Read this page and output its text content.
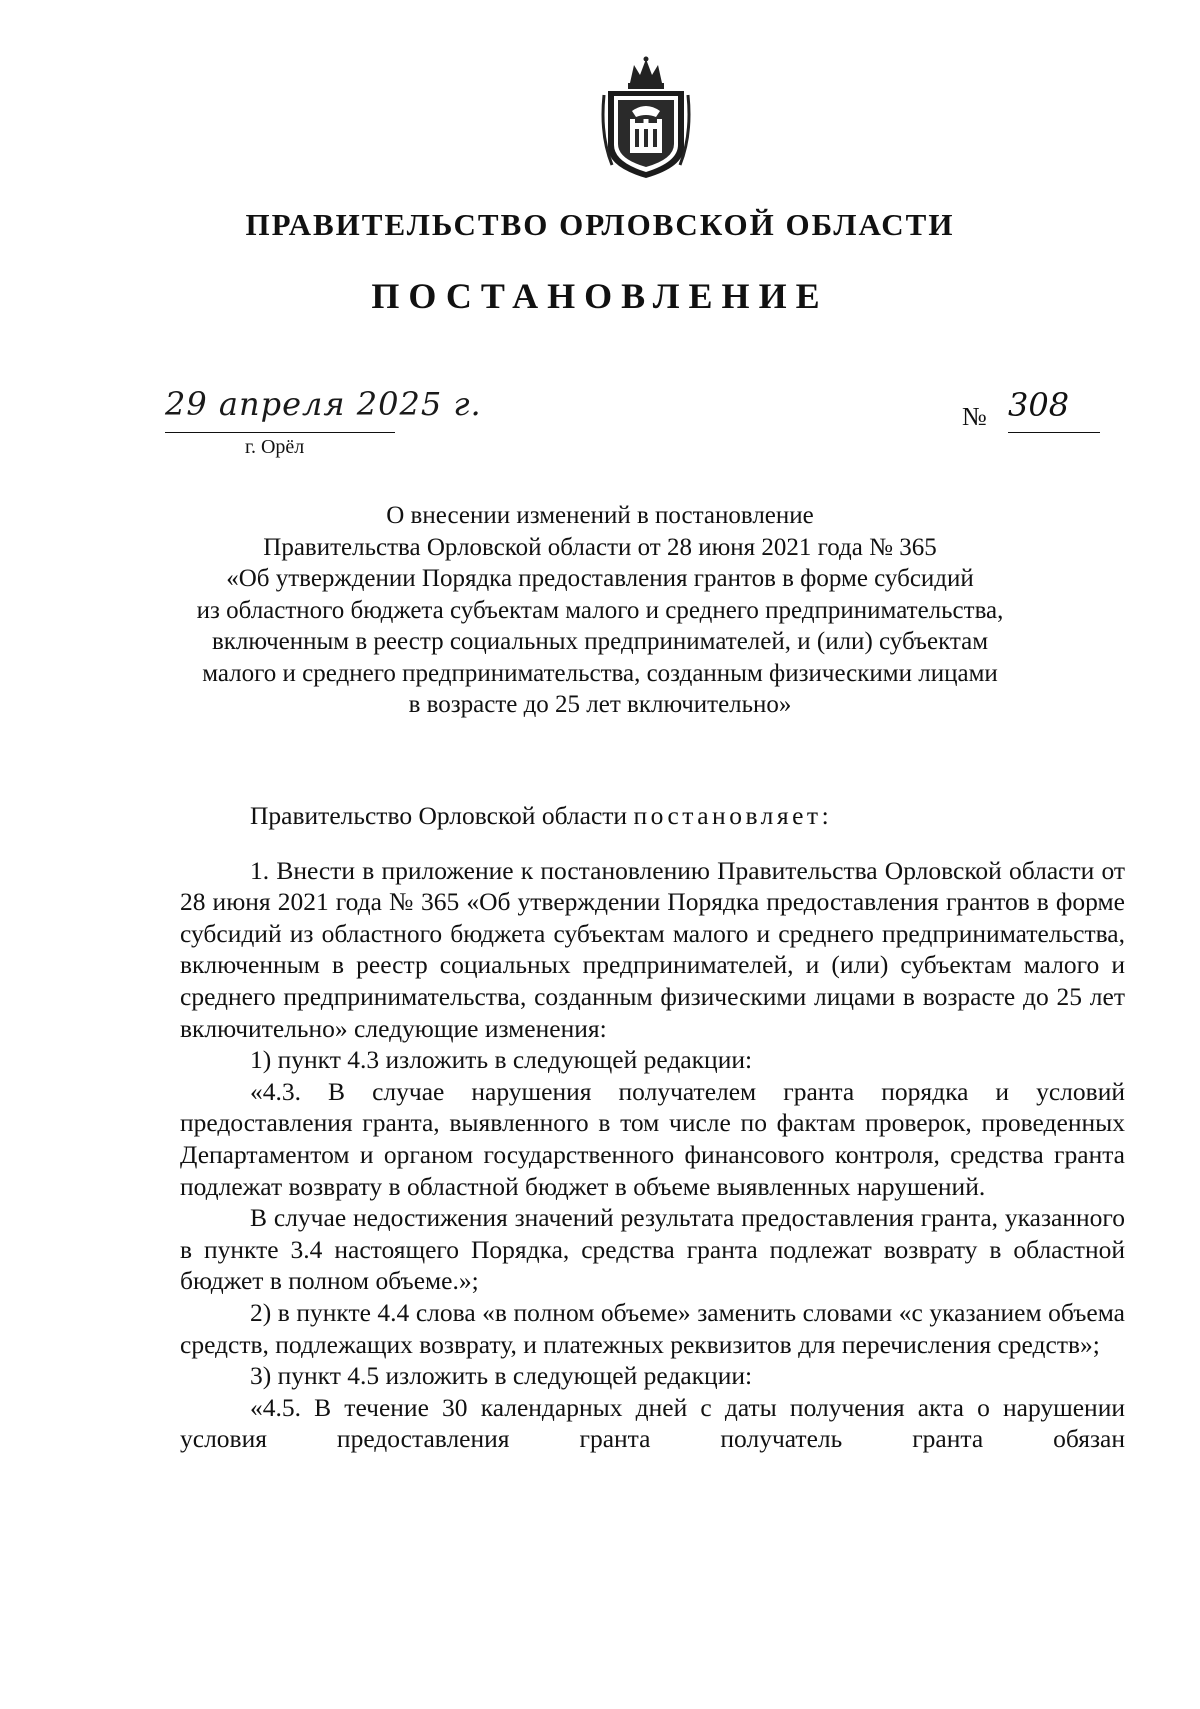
ПРАВИТЕЛЬСТВО ОРЛОВСКОЙ ОБЛАСТИ
ПОСТАНОВЛЕНИЕ
29 апреля 2025 г.
г. Орёл
№ 308
О внесении изменений в постановление
Правительства Орловской области от 28 июня 2021 года № 365
«Об утверждении Порядка предоставления грантов в форме субсидий
из областного бюджета субъектам малого и среднего предпринимательства,
включенным в реестр социальных предпринимателей, и (или) субъектам
малого и среднего предпринимательства, созданным физическими лицами
в возрасте до 25 лет включительно»

Правительство Орловской области постановляет:

1. Внести в приложение к постановлению Правительства Орловской области от 28 июня 2021 года № 365 «Об утверждении Порядка предоставления грантов в форме субсидий из областного бюджета субъектам малого и среднего предпринимательства, включенным в реестр социальных предпринимателей, и (или) субъектам малого и среднего предпринимательства, созданным физическими лицами в возрасте до 25 лет включительно» следующие изменения:

1) пункт 4.3 изложить в следующей редакции:

«4.3. В случае нарушения получателем гранта порядка и условий предоставления гранта, выявленного в том числе по фактам проверок, проведенных Департаментом и органом государственного финансового контроля, средства гранта подлежат возврату в областной бюджет в объеме выявленных нарушений.

В случае недостижения значений результата предоставления гранта, указанного в пункте 3.4 настоящего Порядка, средства гранта подлежат возврату в областной бюджет в полном объеме.»;

2) в пункте 4.4 слова «в полном объеме» заменить словами «с указанием объема средств, подлежащих возврату, и платежных реквизитов для перечисления средств»;

3) пункт 4.5 изложить в следующей редакции:

«4.5. В течение 30 календарных дней с даты получения акта о нарушении условия предоставления гранта получатель гранта обязан
